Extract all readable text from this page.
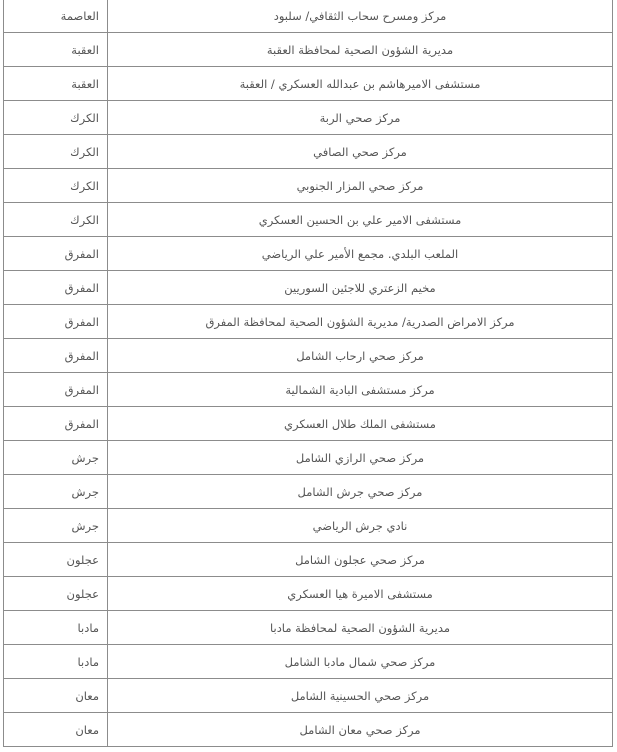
العاصمة	مركز ومسرح سحاب الثقافي/ سلبود
العقبة	مديرية الشؤون الصحية لمحافظة العقبة
العقبة	مستشفى الاميرهاشم بن عبدالله العسكري / العقبة
الكرك	مركز صحي الربة
الكرك	مركز صحي الصافي
الكرك	مركز صحي المزار الجنوبي
الكرك	مستشفى الامير علي بن الحسين العسكري
المفرق	الملعب البلدي. مجمع الأمير علي الرياضي
المفرق	مخيم الزعتري للاجئين السوريين
المفرق	مركز الامراض الصدرية/ مديرية الشؤون الصحية لمحافظة المفرق
المفرق	مركز صحي ارحاب الشامل
المفرق	مركز مستشفى البادية الشمالية
المفرق	مستشفى الملك طلال العسكري
جرش	مركز صحي الرازي الشامل
جرش	مركز صحي جرش الشامل
جرش	نادي جرش الرياضي
عجلون	مركز صحي عجلون الشامل
عجلون	مستشفى الاميرة هيا العسكري
مادبا	مديرية الشؤون الصحية لمحافظة مادبا
مادبا	مركز صحي شمال مادبا الشامل
معان	مركز صحي الحسينية الشامل
معان	مركز صحي معان الشامل
